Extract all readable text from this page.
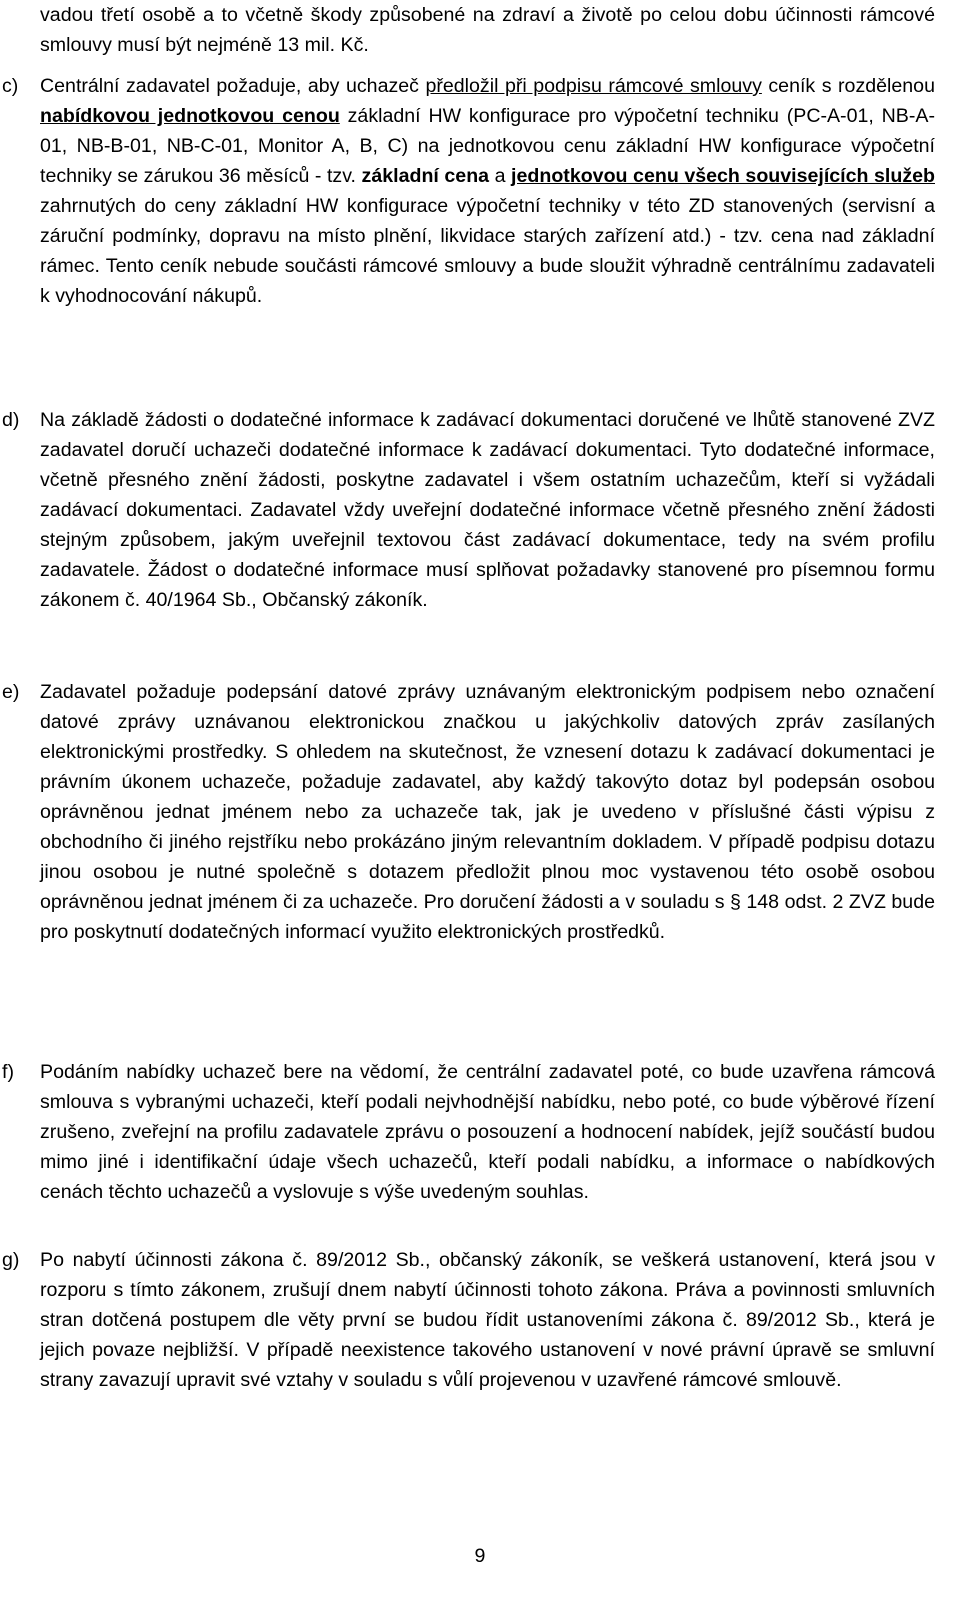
vadou třetí osobě a to včetně škody způsobené na zdraví a životě po celou dobu účinnosti rámcové smlouvy musí být nejméně 13 mil. Kč.

c) Centrální zadavatel požaduje, aby uchazeč předložil při podpisu rámcové smlouvy ceník s rozdělenou nabídkovou jednotkovou cenou základní HW konfigurace pro výpočetní techniku (PC-A-01, NB-A-01, NB-B-01, NB-C-01, Monitor A, B, C) na jednotkovou cenu základní HW konfigurace výpočetní techniky se zárukou 36 měsíců - tzv. základní cena a jednotkovou cenu všech souvisejících služeb zahrnutých do ceny základní HW konfigurace výpočetní techniky v této ZD stanovených (servisní a záruční podmínky, dopravu na místo plnění, likvidace starých zařízení atd.) - tzv. cena nad základní rámec. Tento ceník nebude součásti rámcové smlouvy a bude sloužit výhradně centrálnímu zadavateli k vyhodnocování nákupů.

d) Na základě žádosti o dodatečné informace k zadávací dokumentaci doručené ve lhůtě stanovené ZVZ zadavatel doručí uchazeči dodatečné informace k zadávací dokumentaci. Tyto dodatečné informace, včetně přesného znění žádosti, poskytne zadavatel i všem ostatním uchazečům, kteří si vyžádali zadávací dokumentaci. Zadavatel vždy uveřejní dodatečné informace včetně přesného znění žádosti stejným způsobem, jakým uveřejnil textovou část zadávací dokumentace, tedy na svém profilu zadavatele. Žádost o dodatečné informace musí splňovat požadavky stanovené pro písemnou formu zákonem č. 40/1964 Sb., Občanský zákoník.

e) Zadavatel požaduje podepsání datové zprávy uznávaným elektronickým podpisem nebo označení datové zprávy uznávanou elektronickou značkou u jakýchkoliv datových zpráv zasílaných elektronickými prostředky. S ohledem na skutečnost, že vznesení dotazu k zadávací dokumentaci je právním úkonem uchazeče, požaduje zadavatel, aby každý takovýto dotaz byl podepsán osobou oprávněnou jednat jménem nebo za uchazeče tak, jak je uvedeno v příslušné části výpisu z obchodního či jiného rejstříku nebo prokázáno jiným relevantním dokladem. V případě podpisu dotazu jinou osobou je nutné společně s dotazem předložit plnou moc vystavenou této osobě osobou oprávněnou jednat jménem či za uchazeče. Pro doručení žádosti a v souladu s § 148 odst. 2 ZVZ bude pro poskytnutí dodatečných informací využito elektronických prostředků.

f) Podáním nabídky uchazeč bere na vědomí, že centrální zadavatel poté, co bude uzavřena rámcová smlouva s vybranými uchazeči, kteří podali nejvhodnější nabídku, nebo poté, co bude výběrové řízení zrušeno, zveřejní na profilu zadavatele zprávu o posouzení a hodnocení nabídek, jejíž součástí budou mimo jiné i identifikační údaje všech uchazečů, kteří podali nabídku, a informace o nabídkových cenách těchto uchazečů a vyslovuje s výše uvedeným souhlas.

g) Po nabytí účinnosti zákona č. 89/2012 Sb., občanský zákoník, se veškerá ustanovení, která jsou v rozporu s tímto zákonem, zrušují dnem nabytí účinnosti tohoto zákona. Práva a povinnosti smluvních stran dotčená postupem dle věty první se budou řídit ustanoveními zákona č. 89/2012 Sb., která je jejich povaze nejbližší. V případě neexistence takového ustanovení v nové právní úpravě se smluvní strany zavazují upravit své vztahy v souladu s vůlí projevenou v uzavřené rámcové smlouvě.

9
